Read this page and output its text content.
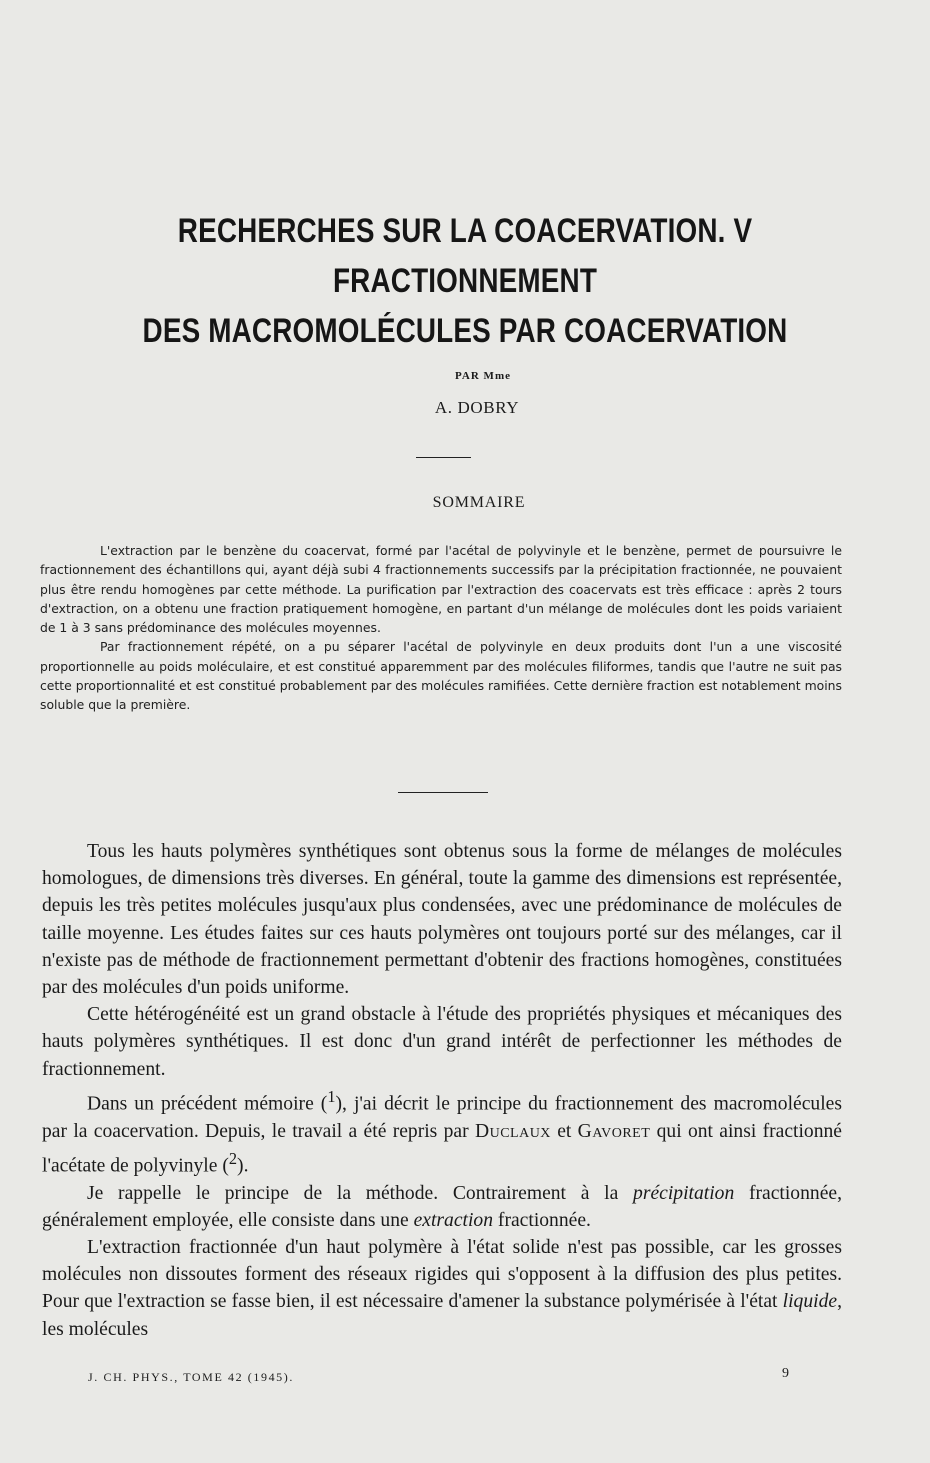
RECHERCHES SUR LA COACERVATION. V
FRACTIONNEMENT
DES MACROMOLÉCULES PAR COACERVATION
PAR Mme
A. DOBRY
SOMMAIRE

L'extraction par le benzène du coacervat, formé par l'acétal de polyvinyle et le benzène, permet de poursuivre le fractionnement des échantillons qui, ayant déjà subi 4 fractionnements successifs par la précipitation fractionnée, ne pouvaient plus être rendu homogènes par cette méthode. La purification par l'extraction des coacervats est très efficace : après 2 tours d'extraction, on a obtenu une fraction pratiquement homogène, en partant d'un mélange de molécules dont les poids variaient de 1 à 3 sans prédominance des molécules moyennes.

Par fractionnement répété, on a pu séparer l'acétal de polyvinyle en deux produits dont l'un a une viscosité proportionnelle au poids moléculaire, et est constitué apparemment par des molécules filiformes, tandis que l'autre ne suit pas cette proportionnalité et est constitué probablement par des molécules ramifiées. Cette dernière fraction est notablement moins soluble que la première.

Tous les hauts polymères synthétiques sont obtenus sous la forme de mélanges de molécules homologues, de dimensions très diverses. En général, toute la gamme des dimensions est représentée, depuis les très petites molécules jusqu'aux plus condensées, avec une prédominance de molécules de taille moyenne. Les études faites sur ces hauts polymères ont toujours porté sur des mélanges, car il n'existe pas de méthode de fractionnement permettant d'obtenir des fractions homogènes, constituées par des molécules d'un poids uniforme.

Cette hétérogénéité est un grand obstacle à l'étude des propriétés physiques et mécaniques des hauts polymères synthétiques. Il est donc d'un grand intérêt de perfectionner les méthodes de fractionnement.

Dans un précédent mémoire ($^1$), j'ai décrit le principe du fractionnement des macromolécules par la coacervation. Depuis, le travail a été repris par Duclaux et Gavoret qui ont ainsi fractionné l'acétate de polyvinyle ($^2$).

Je rappelle le principe de la méthode. Contrairement à la précipitation fractionnée, généralement employée, elle consiste dans une extraction fractionnée.

L'extraction fractionnée d'un haut polymère à l'état solide n'est pas possible, car les grosses molécules non dissoutes forment des réseaux rigides qui s'opposent à la diffusion des plus petites. Pour que l'extraction se fasse bien, il est nécessaire d'amener la substance polymérisée à l'état liquide, les molécules

J. CH. PHYS., TOME 42 (1945).	9
